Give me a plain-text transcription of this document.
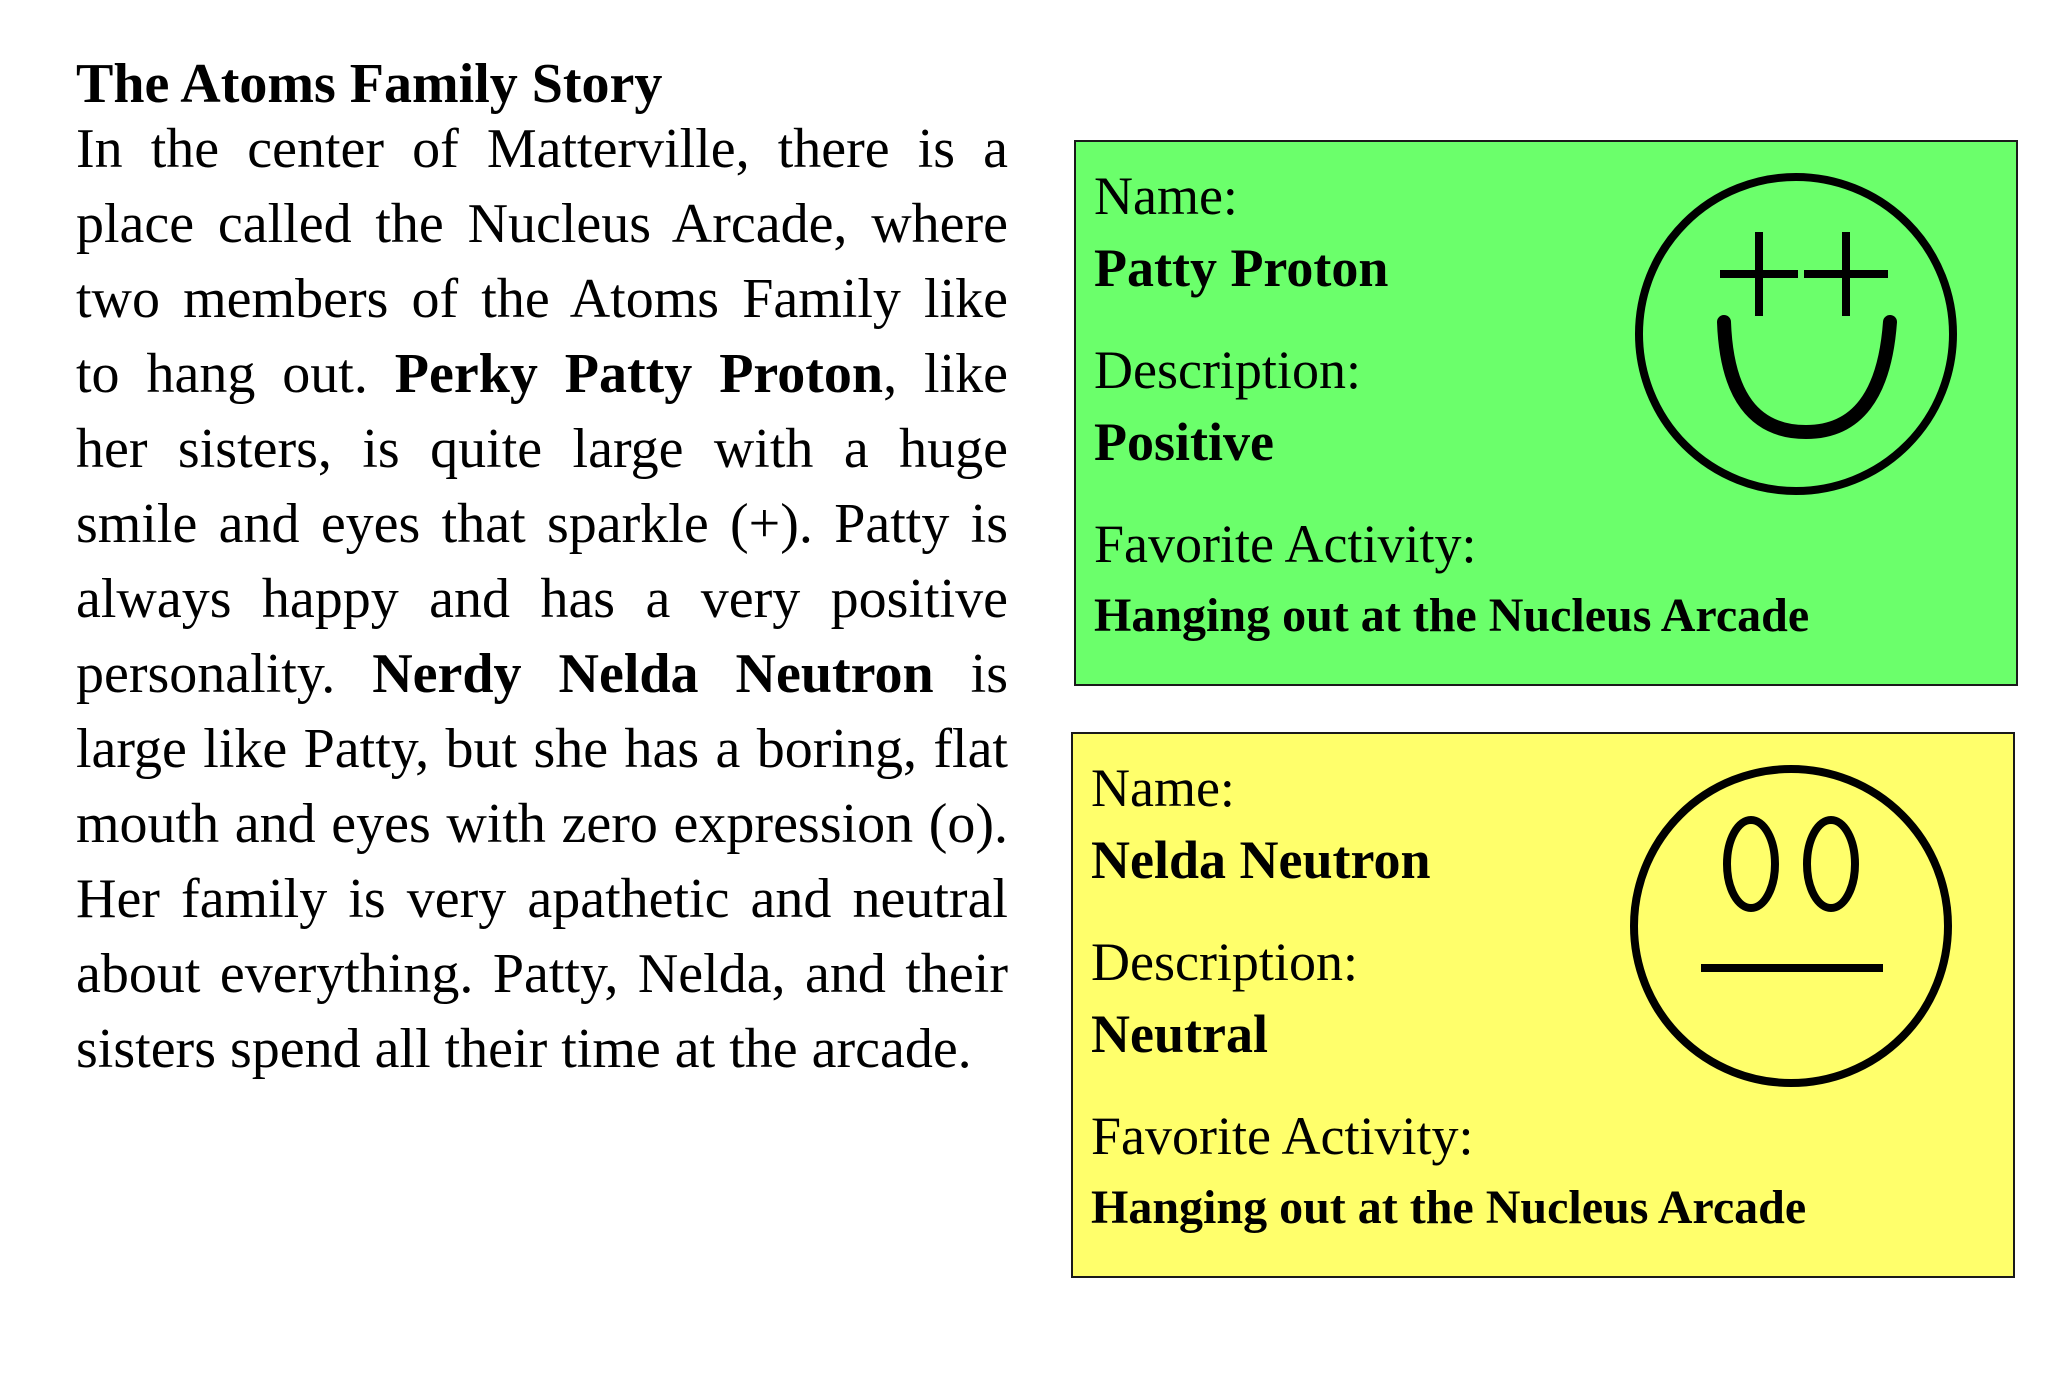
The Atoms Family Story

In the center of Matterville, there is a place called the Nucleus Arcade, where two members of the Atoms Family like to hang out. Perky Patty Proton, like her sisters, is quite large with a huge smile and eyes that sparkle (+). Patty is always happy and has a very positive personality. Nerdy Nelda Neutron is large like Patty, but she has a boring, flat mouth and eyes with zero expression (o). Her family is very apathetic and neutral about everything. Patty, Nelda, and their sisters spend all their time at the arcade.

Name:

Patty Proton

Description:

Positive

Favorite Activity:

Hanging out at the Nucleus Arcade

Name:

Nelda Neutron

Description:

Neutral

Favorite Activity:

Hanging out at the Nucleus Arcade
